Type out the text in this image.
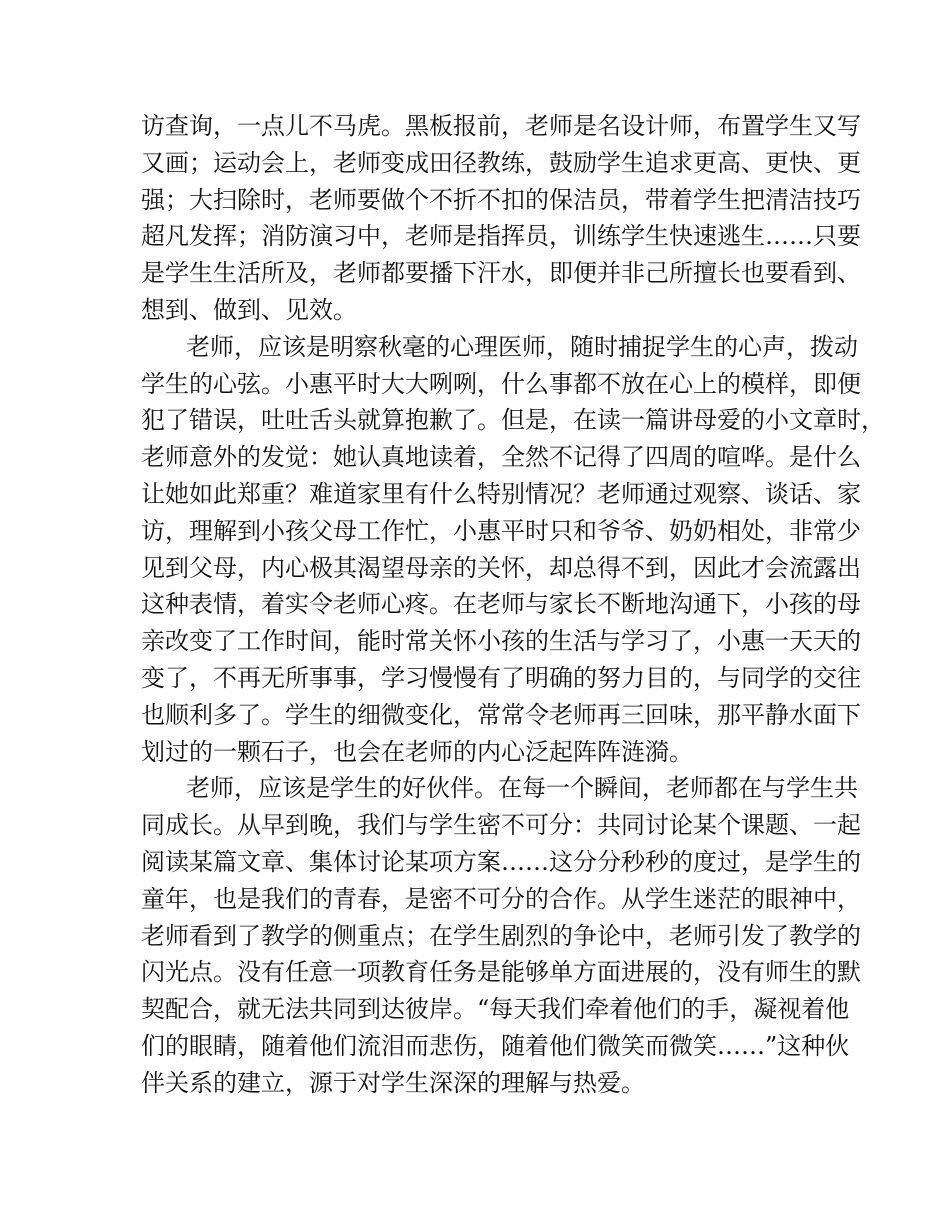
访查询，一点儿不马虎。黑板报前，老师是名设计师，布置学生又写
又画；运动会上，老师变成田径教练，鼓励学生追求更高、更快、更
强；大扫除时，老师要做个不折不扣的保洁员，带着学生把清洁技巧
超凡发挥；消防演习中，老师是指挥员，训练学生快速逃生……只要
是学生生活所及，老师都要播下汗水，即便并非己所擅长也要看到、
想到、做到、见效。
老师，应该是明察秋毫的心理医师，随时捕捉学生的心声，拨动
学生的心弦。小惠平时大大咧咧，什么事都不放在心上的模样，即便
犯了错误，吐吐舌头就算抱歉了。但是，在读一篇讲母爱的小文章时，
老师意外的发觉：她认真地读着，全然不记得了四周的喧哗。是什么
让她如此郑重？难道家里有什么特别情况？老师通过观察、谈话、家
访，理解到小孩父母工作忙，小惠平时只和爷爷、奶奶相处，非常少
见到父母，内心极其渴望母亲的关怀，却总得不到，因此才会流露出
这种表情，着实令老师心疼。在老师与家长不断地沟通下，小孩的母
亲改变了工作时间，能时常关怀小孩的生活与学习了，小惠一天天的
变了，不再无所事事，学习慢慢有了明确的努力目的，与同学的交往
也顺利多了。学生的细微变化，常常令老师再三回味，那平静水面下
划过的一颗石子，也会在老师的内心泛起阵阵涟漪。
老师，应该是学生的好伙伴。在每一个瞬间，老师都在与学生共
同成长。从早到晚，我们与学生密不可分：共同讨论某个课题、一起
阅读某篇文章、集体讨论某项方案……这分分秒秒的度过，是学生的
童年，也是我们的青春，是密不可分的合作。从学生迷茫的眼神中，
老师看到了教学的侧重点；在学生剧烈的争论中，老师引发了教学的
闪光点。没有任意一项教育任务是能够单方面进展的，没有师生的默
契配合，就无法共同到达彼岸。“每天我们牵着他们的手，凝视着他
们的眼睛，随着他们流泪而悲伤，随着他们微笑而微笑……”这种伙
伴关系的建立，源于对学生深深的理解与热爱。
